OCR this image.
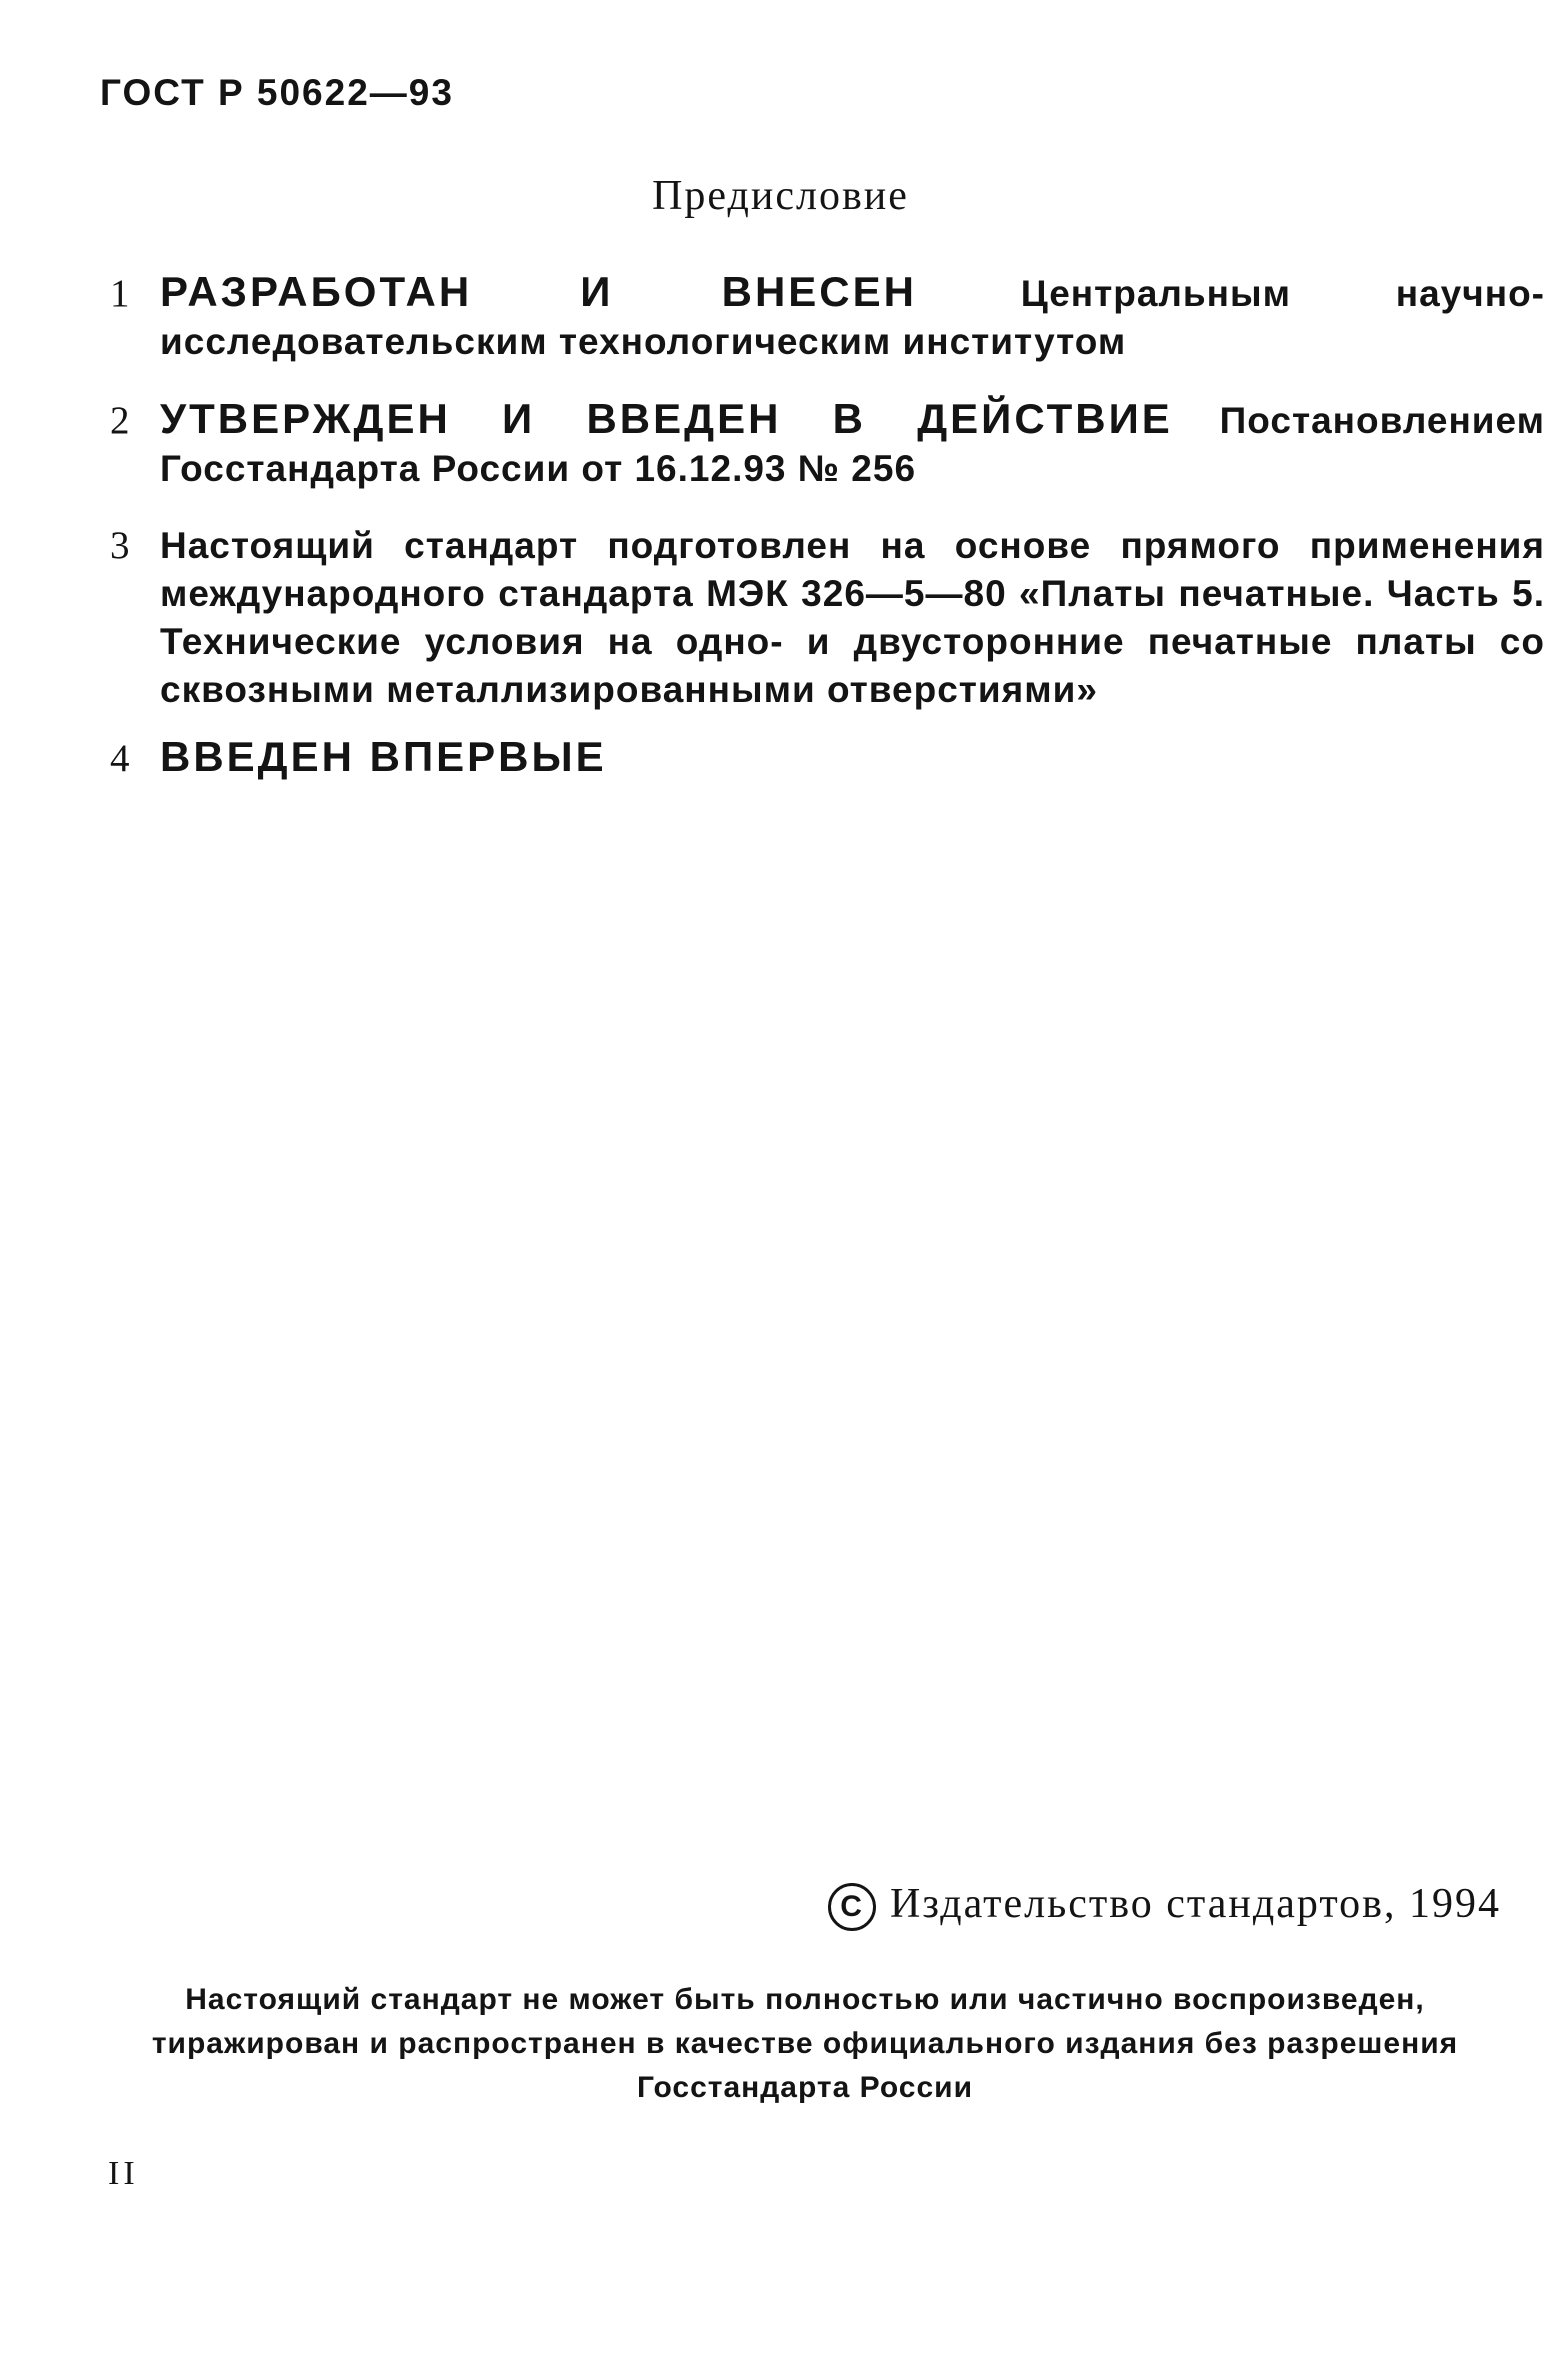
ГОСТ Р 50622—93
Предисловие
1 РАЗРАБОТАН И ВНЕСЕН	Центральным научно-исследовательским технологическим институтом
2 УТВЕРЖДЕН И ВВЕДЕН В ДЕЙСТВИЕ Постановлением Госстандарта России от 16.12.93 № 256
3 Настоящий стандарт подготовлен на основе прямого применения международного стандарта МЭК 326—5—80 «Платы печатные. Часть 5. Технические условия на одно- и двусторонние печатные платы со сквозными металлизированными отверстиями»
4 ВВЕДЕН ВПЕРВЫЕ
C Издательство стандартов, 1994
Настоящий стандарт не может быть полностью или частично воспроизведен,
тиражирован и распространен в качестве официального издания без разрешения
Госстандарта России
II
